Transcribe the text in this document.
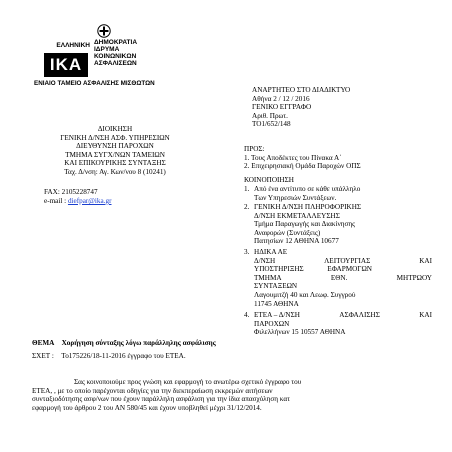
ΕΛΛΗΝΙΚΗ ΔΗΜΟΚΡΑΤΙΑ
ΙΔΡΥΜΑ
ΙΚΑ	ΚΟΙΝΩΝΙΚΩΝ
ΑΣΦΑΛΙΣΕΩΝ
ΕΝΙΑΙΟ ΤΑΜΕΙΟ ΑΣΦΑΛΙΣΗΣ ΜΙΣΘΩΤΩΝ
ΔΙΟΙΚΗΣΗ
ΓΕΝΙΚΗ Δ/ΝΣΗ ΑΣΦ. ΥΠΗΡΕΣΙΩΝ
ΔΙΕΥΘΥΝΣΗ ΠΑΡΟΧΩΝ
ΤΜΗΜΑ ΣΥΓΧ/ΝΩΝ ΤΑΜΕΙΩΝ
ΚΑΙ ΕΠΙΚΟΥΡΙΚΗΣ ΣΥΝΤΑΞΗΣ
Ταχ. Δ/νση: Αγ. Κων/νου 8 (10241)
FAX: 2105228747
e-mail : diefpar@ika.gr
ΑΝΑΡΤΗΤΕΟ ΣΤΟ ΔΙΑΔΙΚΤΥΟ
Αθήνα 2 / 12 / 2016
ΓΕΝΙΚΟ ΕΓΓΡΑΦΟ
Αριθ. Πρωτ.
ΤΟ1/652/148
ΠΡΟΣ:
1. Τους Αποδέκτες του Πίνακα Α΄
2. Επιχειρησιακή Ομάδα Παροχών ΟΠΣ
ΚΟΙΝΟΠΟΙΗΣΗ
1. Από ένα αντίτυπο σε κάθε υπάλληλο
Των Υπηρεσιών Συντάξεων.
2. ΓΕΝΙΚΗ Δ/ΝΣΗ ΠΛΗΡΟΦΟΡΙΚΗΣ
Δ/ΝΣΗ ΕΚΜΕΤΑΛΛΕΥΣΗΣ
Τμήμα Παραγωγής και Διακίνησης
Αναφορών (Συντάξεις)
Πατησίων 12 ΑΘΗΝΑ 10677
3. ΗΔΙΚΑ ΑΕ
Δ/ΝΣΗ	ΛΕΙΤΟΥΡΓΙΑΣ	ΚΑΙ
ΥΠΟΣΤΗΡΙΞΗΣ	ΕΦΑΡΜΟΓΩΝ
ΤΜΗΜΑ	ΕΘΝ.	ΜΗΤΡΩΟΥ
ΣΥΝΤΑΞΕΩΝ
Λαγουμιτζή 40 και Λεωφ. Συγγρού
11745 ΑΘΗΝΑ
4. ΕΤΕΑ – Δ/ΝΣΗ	ΑΣΦΑΛΙΣΗΣ	ΚΑΙ
ΠΑΡΟΧΩΝ
Φιλελλήνων 15 10557 ΑΘΗΝΑ
ΘΕΜΑ Χορήγηση σύνταξης λόγω παράλληλης ασφάλισης
ΣΧΕΤ : Το175226/18-11-2016 έγγραφο του ΕΤΕΑ.
Σας κοινοποιούμε προς γνώση και εφαρμογή το ανωτέρω σχετικό έγγραφο του
ΕΤΕΑ, , με το οποίο παρέχονται οδηγίες για την διεκπεραίωση εκκρεμών αιτήσεων
συνταξιοδότησης ασφ/νων που έχουν παράλληλη ασφάλιση για την ίδια απασχόληση κατ
εφαρμογή του άρθρου 2 του ΑΝ 580/45 και έχουν υποβληθεί μέχρι 31/12/2014.
